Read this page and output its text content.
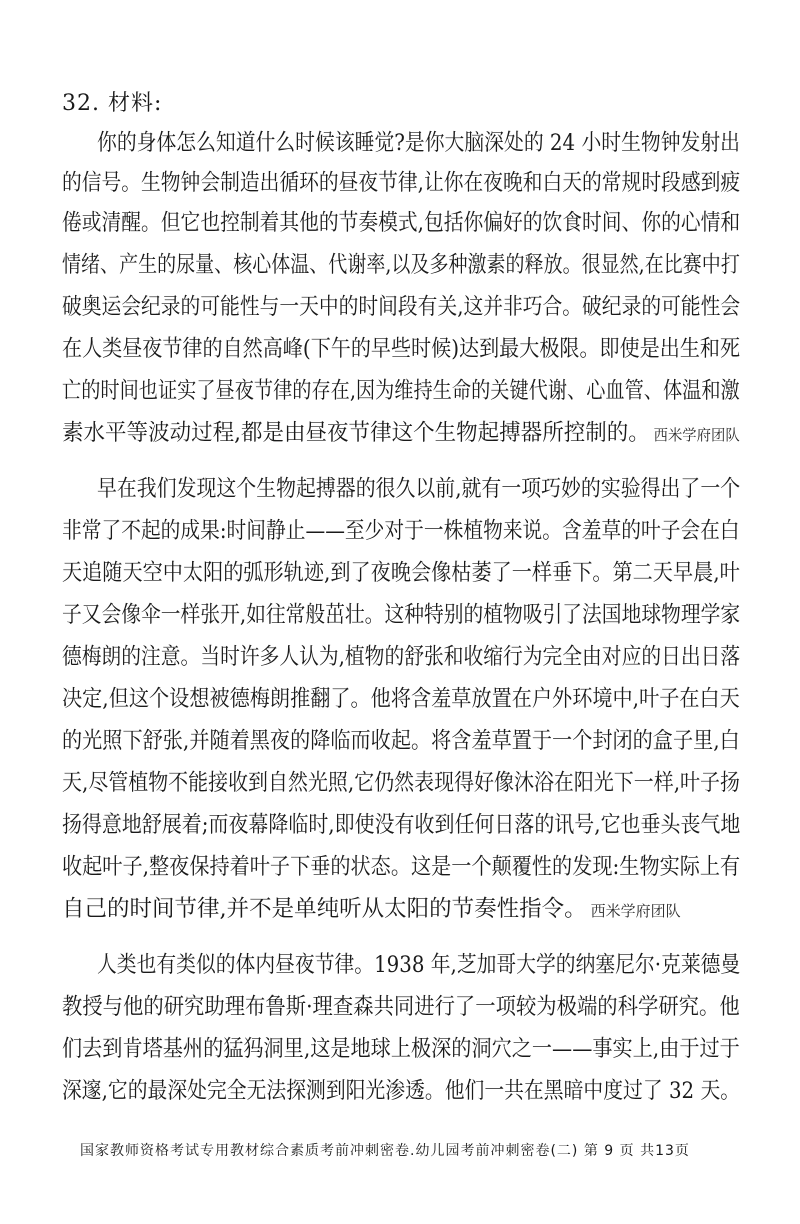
32. 材料:
你的身体怎么知道什么时候该睡觉?是你大脑深处的 24 小时生物钟发射出
的信号。生物钟会制造出循环的昼夜节律,让你在夜晚和白天的常规时段感到疲
倦或清醒。但它也控制着其他的节奏模式,包括你偏好的饮食时间、你的心情和
情绪、产生的尿量、核心体温、代谢率,以及多种激素的释放。很显然,在比赛中打
破奥运会纪录的可能性与一天中的时间段有关,这并非巧合。破纪录的可能性会
在人类昼夜节律的自然高峰(下午的早些时候)达到最大极限。即使是出生和死
亡的时间也证实了昼夜节律的存在,因为维持生命的关键代谢、心血管、体温和激
素水平等波动过程,都是由昼夜节律这个生物起搏器所控制的。 西米学府团队
早在我们发现这个生物起搏器的很久以前,就有一项巧妙的实验得出了一个
非常了不起的成果:时间静止——至少对于一株植物来说。含羞草的叶子会在白
天追随天空中太阳的弧形轨迹,到了夜晚会像枯萎了一样垂下。第二天早晨,叶
子又会像伞一样张开,如往常般茁壮。这种特别的植物吸引了法国地球物理学家
德梅朗的注意。当时许多人认为,植物的舒张和收缩行为完全由对应的日出日落
决定,但这个设想被德梅朗推翻了。他将含羞草放置在户外环境中,叶子在白天
的光照下舒张,并随着黑夜的降临而收起。将含羞草置于一个封闭的盒子里,白
天,尽管植物不能接收到自然光照,它仍然表现得好像沐浴在阳光下一样,叶子扬
扬得意地舒展着;而夜幕降临时,即使没有收到任何日落的讯号,它也垂头丧气地
收起叶子,整夜保持着叶子下垂的状态。这是一个颠覆性的发现:生物实际上有
自己的时间节律,并不是单纯听从太阳的节奏性指令。 西米学府团队
人类也有类似的体内昼夜节律。1938 年,芝加哥大学的纳塞尼尔·克莱德曼
教授与他的研究助理布鲁斯·理查森共同进行了一项较为极端的科学研究。他
们去到肯塔基州的猛犸洞里,这是地球上极深的洞穴之一——事实上,由于过于
深邃,它的最深处完全无法探测到阳光渗透。他们一共在黑暗中度过了 32 天。
国家教师资格考试专用教材综合素质考前冲刺密卷.幼儿园考前冲刺密卷(二) 第 9 页 共13页
